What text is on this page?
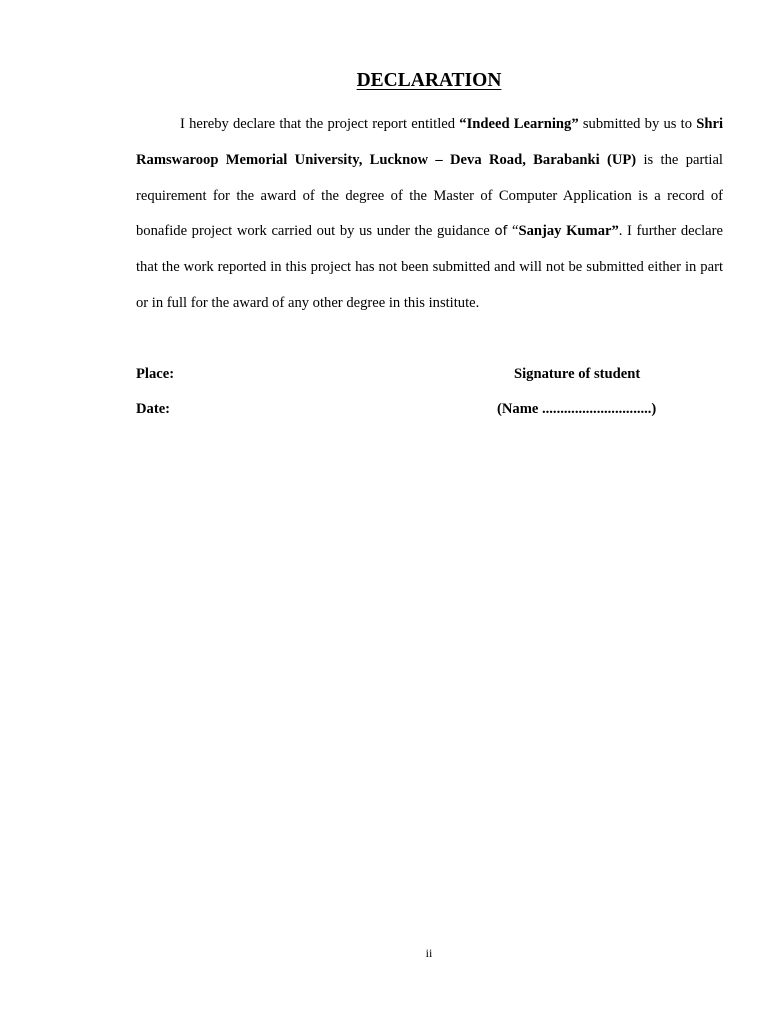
DECLARATION

I hereby declare that the project report entitled “Indeed Learning” submitted by us to Shri Ramswaroop Memorial University, Lucknow – Deva Road, Barabanki (UP) is the partial requirement for the award of the degree of the Master of Computer Application is a record of bonafide project work carried out by us under the guidance of “Sanjay Kumar”. I further declare that the work reported in this project has not been submitted and will not be submitted either in part or in full for the award of any other degree in this institute.

Place:
Date:
Signature of student
(Name ..............................)
ii
